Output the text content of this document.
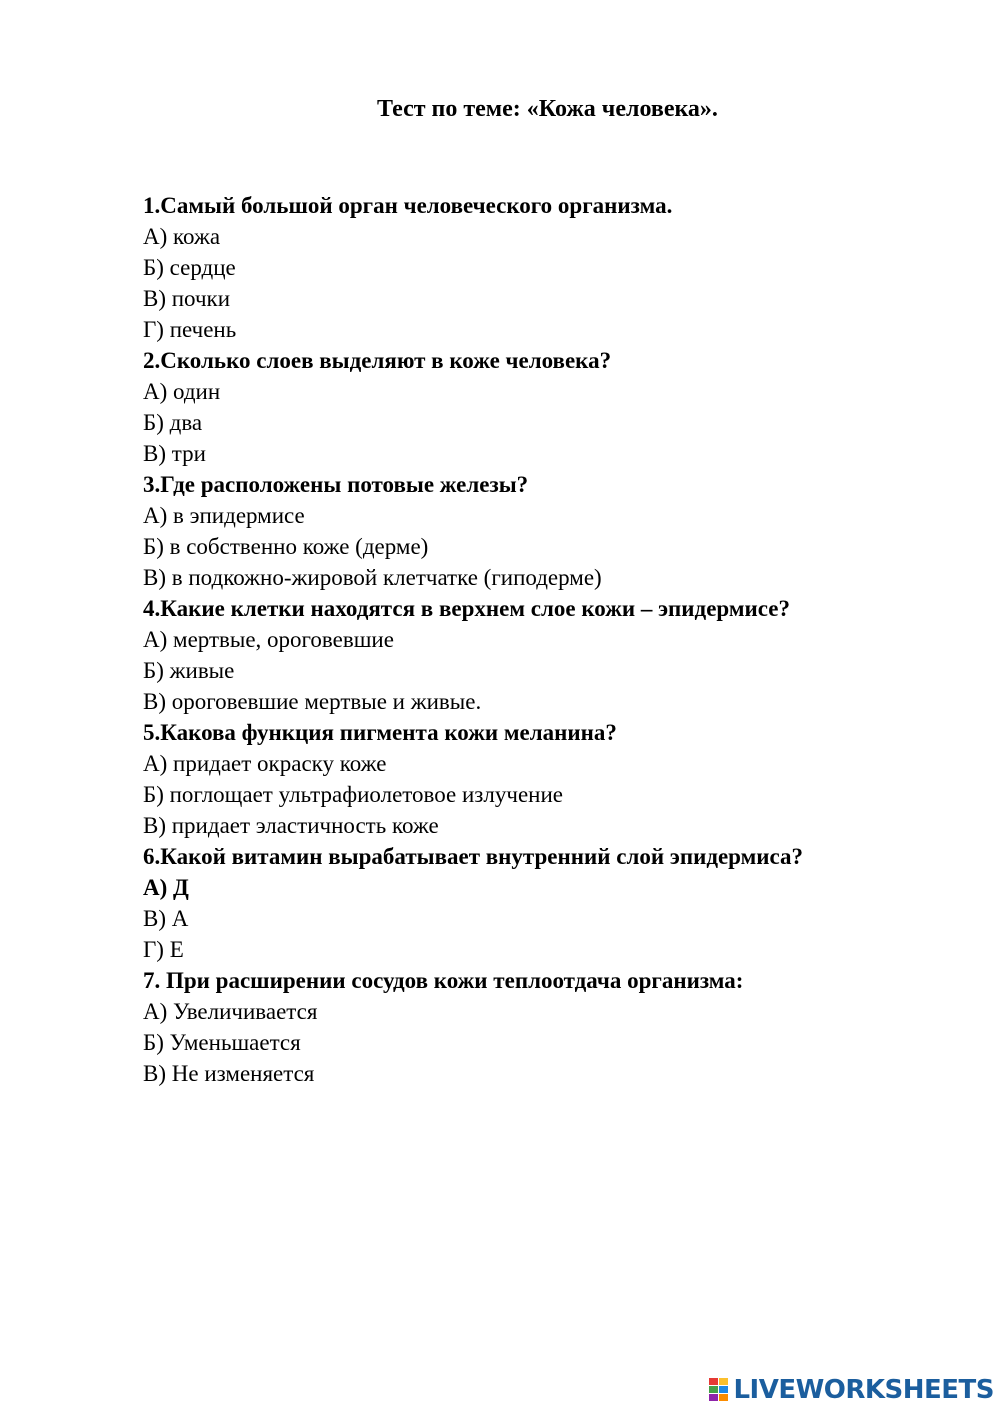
Тест по теме: «Кожа человека».
1.Самый большой орган человеческого организма.
А) кожа
Б) сердце
В) почки
Г) печень
2.Сколько слоев выделяют в коже человека?
А) один
Б) два
В) три
3.Где расположены потовые железы?
А) в эпидермисе
Б) в собственно коже (дерме)
В) в подкожно-жировой клетчатке (гиподерме)
4.Какие клетки находятся в верхнем слое кожи – эпидермисе?
А) мертвые, ороговевшие
Б) живые
В) ороговевшие мертвые и живые.
5.Какова функция пигмента кожи меланина?
А) придает окраску коже
Б) поглощает ультрафиолетовое излучение
В) придает эластичность коже
6.Какой витамин вырабатывает внутренний слой эпидермиса?
А) Д
В) А
Г) Е
7. При расширении сосудов кожи теплоотдача организма:
А) Увеличивается
Б) Уменьшается
В) Не изменяется
LIVEWORKSHEETS
